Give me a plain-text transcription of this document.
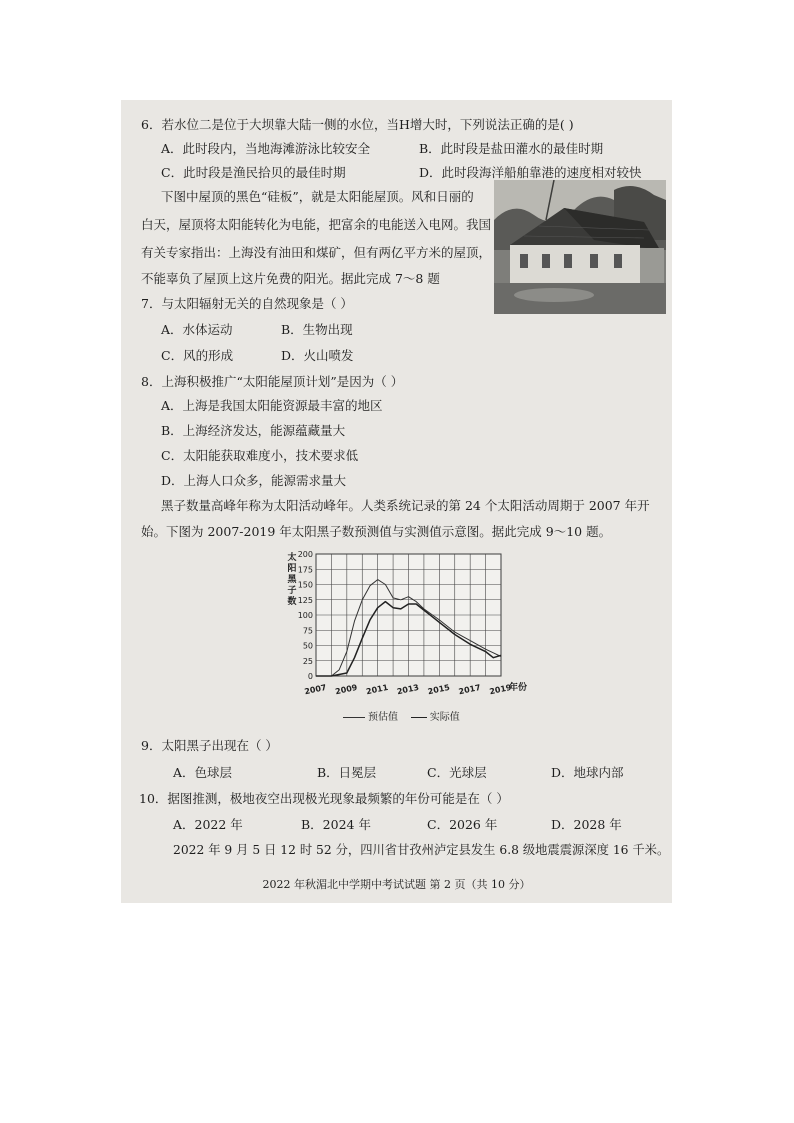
6．若水位二是位于大坝靠大陆一侧的水位，当H增大时，下列说法正确的是( )
A．此时段内，当地海滩游泳比较安全	B．此时段是盐田灌水的最佳时期
C．此时段是渔民拾贝的最佳时期	D．此时段海洋船舶靠港的速度相对较快
下图中屋顶的黑色“硅板”，就是太阳能屋顶。风和日丽的
白天，屋顶将太阳能转化为电能，把富余的电能送入电网。我国
有关专家指出：上海没有油田和煤矿，但有两亿平方米的屋顶，
不能辜负了屋顶上这片免费的阳光。据此完成 7～8 题
7．与太阳辐射无关的自然现象是（ ）
A．水体运动	B．生物出现
C．风的形成	D．火山喷发
8．上海积极推广“太阳能屋顶计划”是因为（ ）
A．上海是我国太阳能资源最丰富的地区
B．上海经济发达，能源蕴藏量大
C．太阳能获取难度小，技术要求低
D．上海人口众多，能源需求量大
黑子数量高峰年称为太阳活动峰年。人类系统记录的第 24 个太阳活动周期于 2007 年开
始。下图为 2007-2019 年太阳黑子数预测值与实测值示意图。据此完成 9～10 题。
0
25
50
75
100
125
150
175
200
2007 2009 2011 2013 2015 2017 2019
年份
太
阳
黑
子
数
预估值	实际值
9．太阳黑子出现在（ ）
A．色球层	B．日冕层	C．光球层	D．地球内部
10．据图推测，极地夜空出现极光现象最频繁的年份可能是在（ ）
A．2022 年	B．2024 年	C．2026 年	D．2028 年
2022 年 9 月 5 日 12 时 52 分，四川省甘孜州泸定县发生 6.8 级地震震源深度 16 千米。
2022 年秋湄北中学期中考试试题 第 2 页（共 10 分）
